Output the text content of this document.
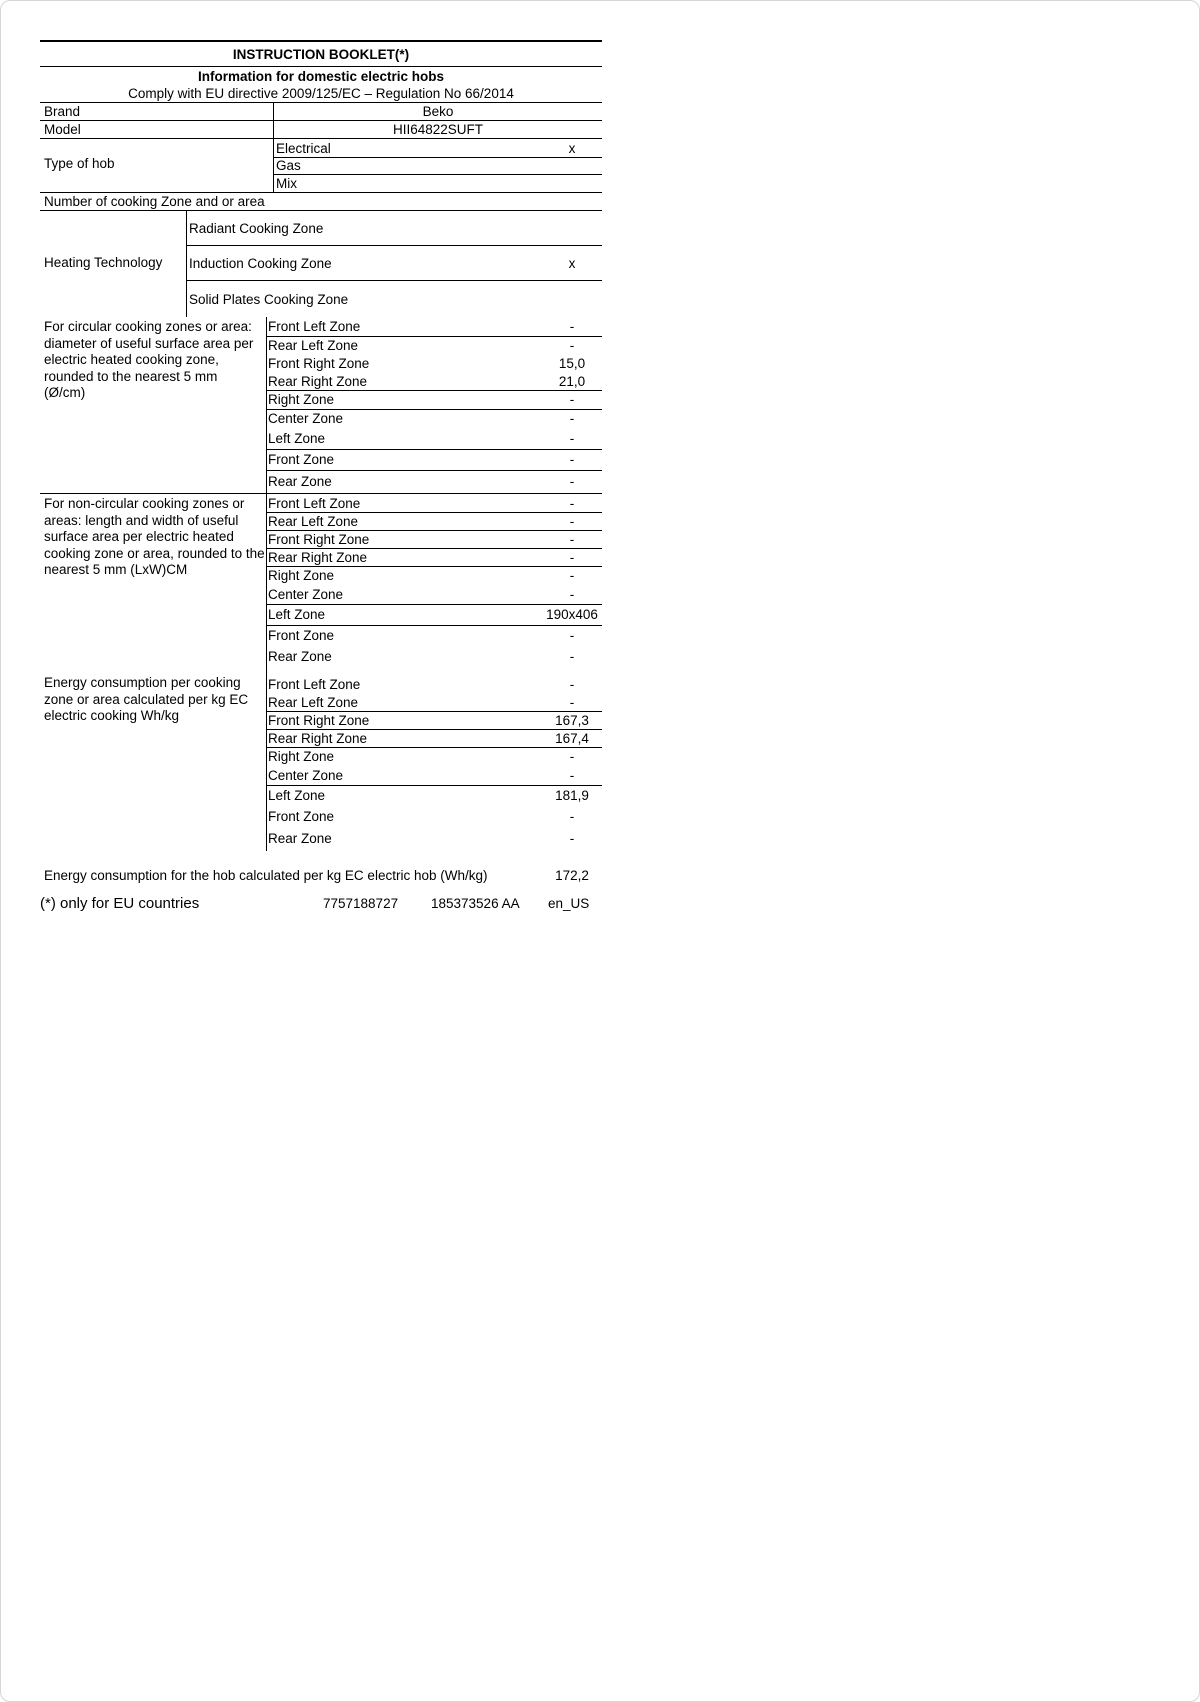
INSTRUCTION BOOKLET(*)
Information for domestic electric hobs
Comply with EU directive 2009/125/EC – Regulation No 66/2014
Brand	Beko
Model	HII64822SUFT
Type of hob
Electrical	x
Gas
Mix
Number of cooking Zone and or area
Heating Technology
Radiant Cooking Zone
Induction Cooking Zone	x
Solid Plates Cooking Zone
For circular cooking zones or area: diameter of useful surface area per electric heated cooking zone, rounded to the nearest 5 mm (Ø/cm)
Front Left Zone	-
Rear Left Zone	-
Front Right Zone	15,0
Rear Right Zone	21,0
Right Zone	-
Center Zone	-
Left Zone	-
Front Zone	-
Rear Zone	-
For non-circular cooking zones or areas: length and width of useful surface area per electric heated cooking zone or area, rounded to the nearest 5 mm (LxW)CM
Front Left Zone	-
Rear Left Zone	-
Front Right Zone	-
Rear Right Zone	-
Right Zone	-
Center Zone	-
Left Zone	190x406
Front Zone	-
Rear Zone	-
Energy consumption per cooking zone or area calculated per kg EC electric cooking Wh/kg
Front Left Zone	-
Rear Left Zone	-
Front Right Zone	167,3
Rear Right Zone	167,4
Right Zone	-
Center Zone	-
Left Zone	181,9
Front Zone	-
Rear Zone	-
Energy consumption for the hob calculated per kg EC electric hob (Wh/kg)	172,2
(*) only for EU countries	7757188727 185373526 AA en_US
